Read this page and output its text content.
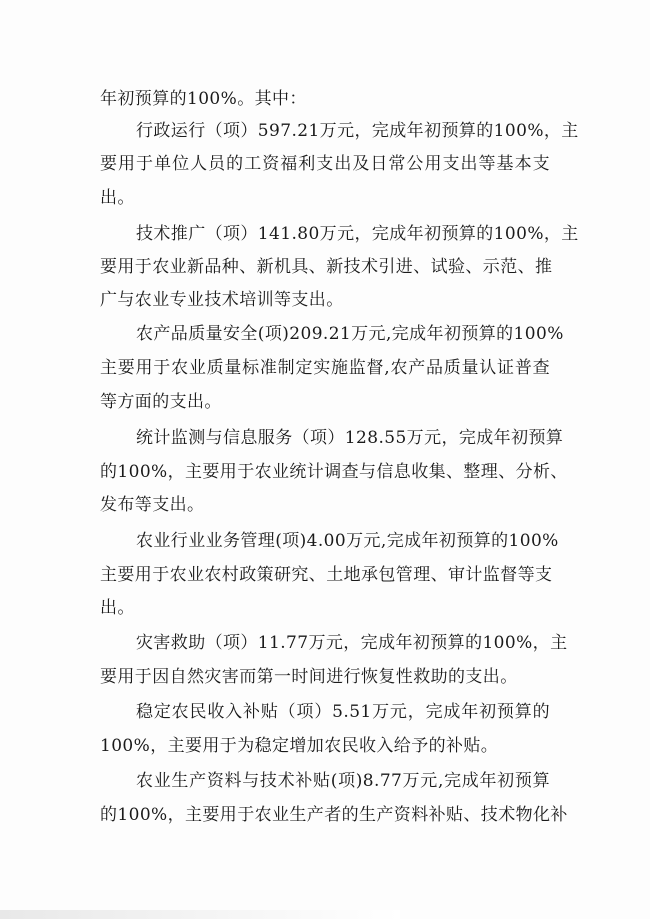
年初预算的100%。其中：
行政运行（项）597.21万元，完成年初预算的100%，主
要用于单位人员的工资福利支出及日常公用支出等基本支
出。
技术推广（项）141.80万元，完成年初预算的100%，主
要用于农业新品种、新机具、新技术引进、试验、示范、推
广与农业专业技术培训等支出。
农产品质量安全(项)209.21万元,完成年初预算的100%
主要用于农业质量标准制定实施监督,农产品质量认证普查
等方面的支出。
统计监测与信息服务（项）128.55万元，完成年初预算
的100%，主要用于农业统计调查与信息收集、整理、分析、
发布等支出。
农业行业业务管理(项)4.00万元,完成年初预算的100%
主要用于农业农村政策研究、土地承包管理、审计监督等支
出。
灾害救助（项）11.77万元，完成年初预算的100%，主
要用于因自然灾害而第一时间进行恢复性救助的支出。
稳定农民收入补贴（项）5.51万元，完成年初预算的
100%，主要用于为稳定增加农民收入给予的补贴。
农业生产资料与技术补贴(项)8.77万元,完成年初预算
的100%，主要用于农业生产者的生产资料补贴、技术物化补
